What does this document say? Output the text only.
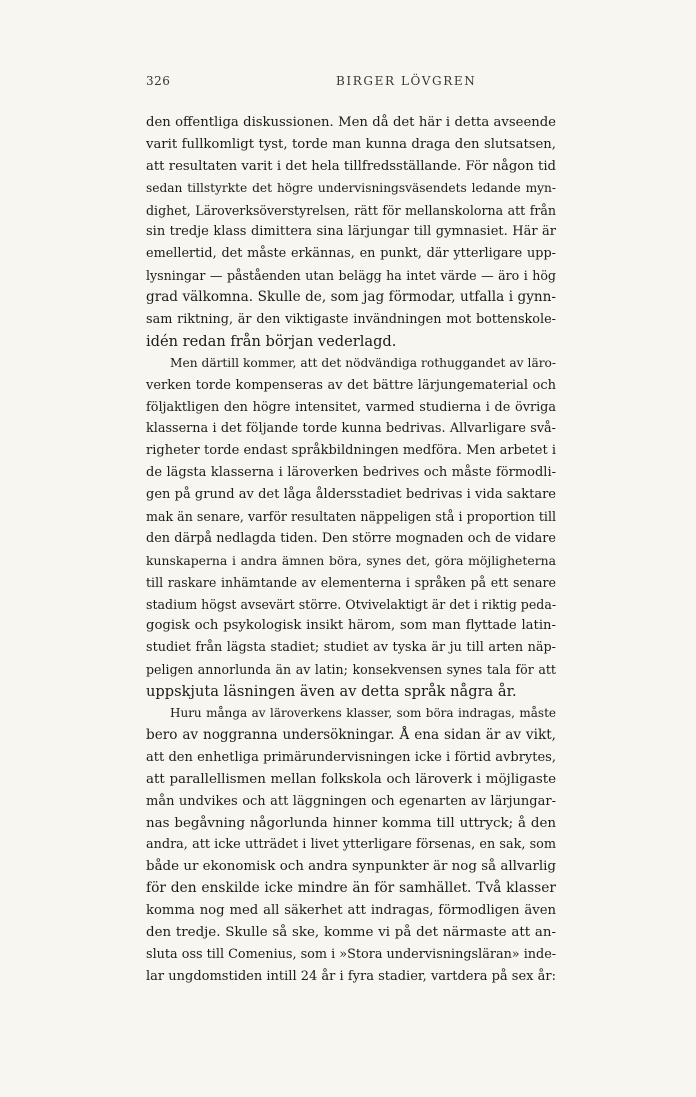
326	BIRGER LÖVGREN
den offentliga diskussionen. Men då det här i detta avseende
varit fullkomligt tyst, torde man kunna draga den slutsatsen,
att resultaten varit i det hela tillfredsställande. För någon tid
sedan tillstyrkte det högre undervisningsväsendets ledande myn-
dighet, Läroverksöverstyrelsen, rätt för mellanskolorna att från
sin tredje klass dimittera sina lärjungar till gymnasiet. Här är
emellertid, det måste erkännas, en punkt, där ytterligare upp-
lysningar — påståenden utan belägg ha intet värde — äro i hög
grad välkomna. Skulle de, som jag förmodar, utfalla i gynn-
sam riktning, är den viktigaste invändningen mot bottenskole-
idén redan från början vederlagd.
Men därtill kommer, att det nödvändiga rothuggandet av läro-
verken torde kompenseras av det bättre lärjungematerial och
följaktligen den högre intensitet, varmed studierna i de övriga
klasserna i det följande torde kunna bedrivas. Allvarligare svå-
righeter torde endast språkbildningen medföra. Men arbetet i
de lägsta klasserna i läroverken bedrives och måste förmodli-
gen på grund av det låga åldersstadiet bedrivas i vida saktare
mak än senare, varför resultaten näppeligen stå i proportion till
den därpå nedlagda tiden. Den större mognaden och de vidare
kunskaperna i andra ämnen böra, synes det, göra möjligheterna
till raskare inhämtande av elementerna i språken på ett senare
stadium högst avsevärt större. Otvivelaktigt är det i riktig peda-
gogisk och psykologisk insikt härom, som man flyttade latin-
studiet från lägsta stadiet; studiet av tyska är ju till arten näp-
peligen annorlunda än av latin; konsekvensen synes tala för att
uppskjuta läsningen även av detta språk några år.
Huru många av läroverkens klasser, som böra indragas, måste
bero av noggranna undersökningar. Å ena sidan är av vikt,
att den enhetliga primärundervisningen icke i förtid avbrytes,
att parallellismen mellan folkskola och läroverk i möjligaste
mån undvikes och att läggningen och egenarten av lärjungar-
nas begåvning någorlunda hinner komma till uttryck; å den
andra, att icke utträdet i livet ytterligare försenas, en sak, som
både ur ekonomisk och andra synpunkter är nog så allvarlig
för den enskilde icke mindre än för samhället. Två klasser
komma nog med all säkerhet att indragas, förmodligen även
den tredje. Skulle så ske, komme vi på det närmaste att an-
sluta oss till Comenius, som i »Stora undervisningsläran» inde-
lar ungdomstiden intill 24 år i fyra stadier, vartdera på sex år:
